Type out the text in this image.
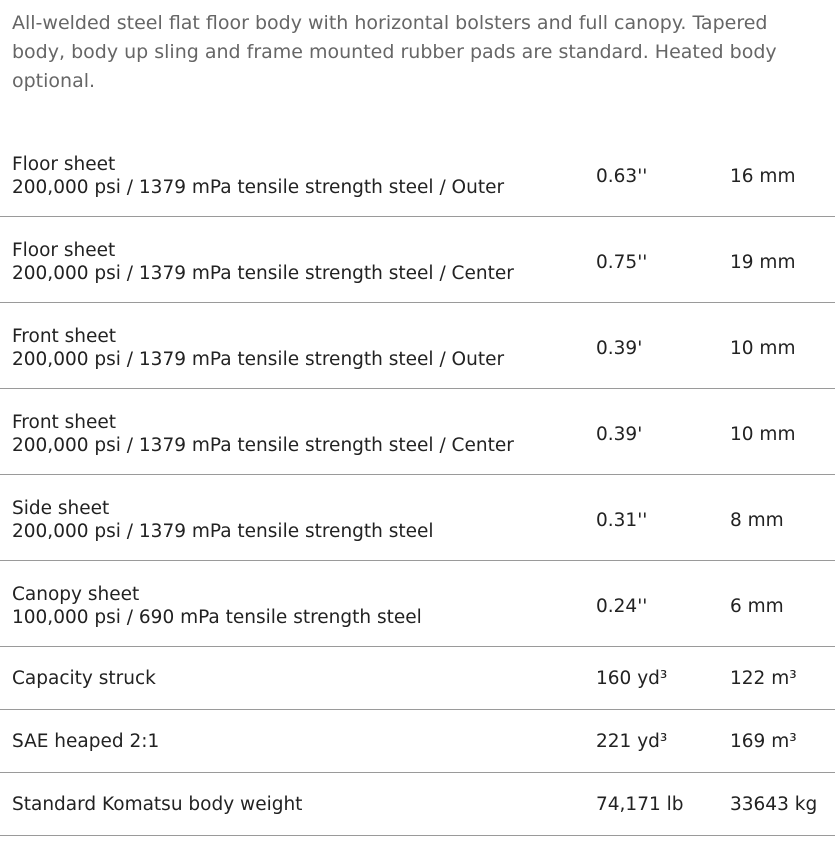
All-welded steel flat floor body with horizontal bolsters and full canopy. Tapered body, body up sling and frame mounted rubber pads are standard. Heated body optional.

Floor sheet
200,000 psi / 1379 mPa tensile strength steel / Outer
0.63''	16 mm
Floor sheet
200,000 psi / 1379 mPa tensile strength steel / Center
0.75''	19 mm
Front sheet
200,000 psi / 1379 mPa tensile strength steel / Outer
0.39'	10 mm
Front sheet
200,000 psi / 1379 mPa tensile strength steel / Center
0.39'	10 mm
Side sheet
200,000 psi / 1379 mPa tensile strength steel
0.31''	8 mm
Canopy sheet
100,000 psi / 690 mPa tensile strength steel
0.24''	6 mm
Capacity struck	160 yd³	122 m³
SAE heaped 2:1	221 yd³	169 m³
Standard Komatsu body weight	74,171 lb	33643 kg
